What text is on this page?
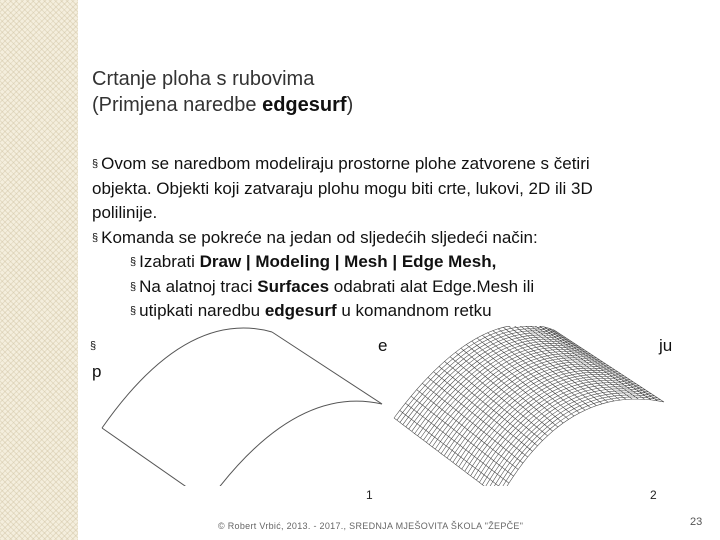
Crtanje ploha s rubovima
(Primjena naredbe edgesurf)
§ Ovom se naredbom modeliraju prostorne plohe zatvorene s četiri
objekta. Objekti koji zatvaraju plohu mogu biti crte, lukovi, 2D ili 3D
polilinije.
§ Komanda se pokreće na jedan od sljedećih sljedeći način:
§ Izabrati Draw | Modeling | Mesh | Edge Mesh,
§ Na alatnoj traci Surfaces odabrati alat Edge.Mesh ili
§ utipkati naredbu edgesurf u komandnom retku
§
p
e	ju
1	2
© Robert Vrbić, 2013. - 2017., SREDNJA MJEŠOVITA ŠKOLA "ŽEPČE"	23
